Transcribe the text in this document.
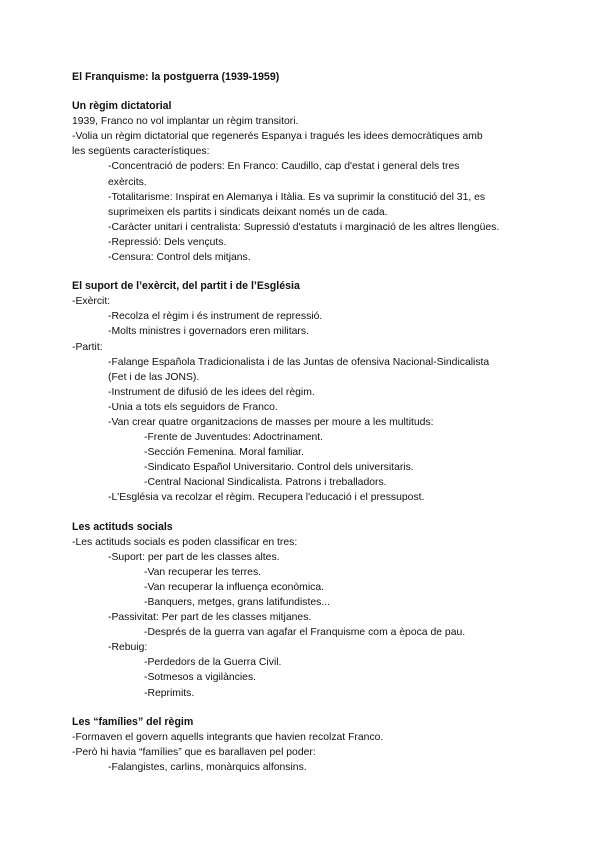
El Franquisme: la postguerra (1939-1959)
Un règim dictatorial
1939, Franco no vol implantar un règim transitori.
-Volia un règim dictatorial que regenerés Espanya i tragués les idees democràtiques amb
les següents característiques:
-Concentració de poders: En Franco: Caudillo, cap d'estat i general dels tres
exèrcits.
-Totalitarisme: Inspirat en Alemanya i Itàlia. Es va suprimir la constitució del 31, es
suprimeixen els partits i sindicats deixant només un de cada.
-Caràcter unitari i centralista: Supressió d'estatuts i marginació de les altres llengües.
-Repressió: Dels vençuts.
-Censura: Control dels mitjans.
El suport de l’exèrcit, del partit i de l’Església
-Exèrcit:
-Recolza el règim i és instrument de repressió.
-Molts ministres i governadors eren militars.
-Partit:
-Falange Española Tradicionalista i de las Juntas de ofensiva Nacional-Sindicalista
(Fet i de las JONS).
-Instrument de difusió de les idees del règim.
-Unia a tots els seguidors de Franco.
-Van crear quatre organitzacions de masses per moure a les multituds:
-Frente de Juventudes: Adoctrinament.
-Sección Femenina. Moral familiar.
-Sindicato Español Universitario. Control dels universitaris.
-Central Nacional Sindicalista. Patrons i treballadors.
-L'Església va recolzar el règim. Recupera l'educació i el pressupost.
Les actituds socials
-Les actituds socials es poden classificar en tres:
-Suport: per part de les classes altes.
-Van recuperar les terres.
-Van recuperar la influença econòmica.
-Banquers, metges, grans latifundistes...
-Passivitat: Per part de les classes mitjanes.
-Després de la guerra van agafar el Franquisme com a època de pau.
-Rebuig:
-Perdedors de la Guerra Civil.
-Sotmesos a vigilàncies.
-Reprimits.
Les “famílies” del règim
-Formaven el govern aquells integrants que havien recolzat Franco.
-Però hi havia “famílies” que es barallaven pel poder:
-Falangistes, carlins, monàrquics alfonsins.
